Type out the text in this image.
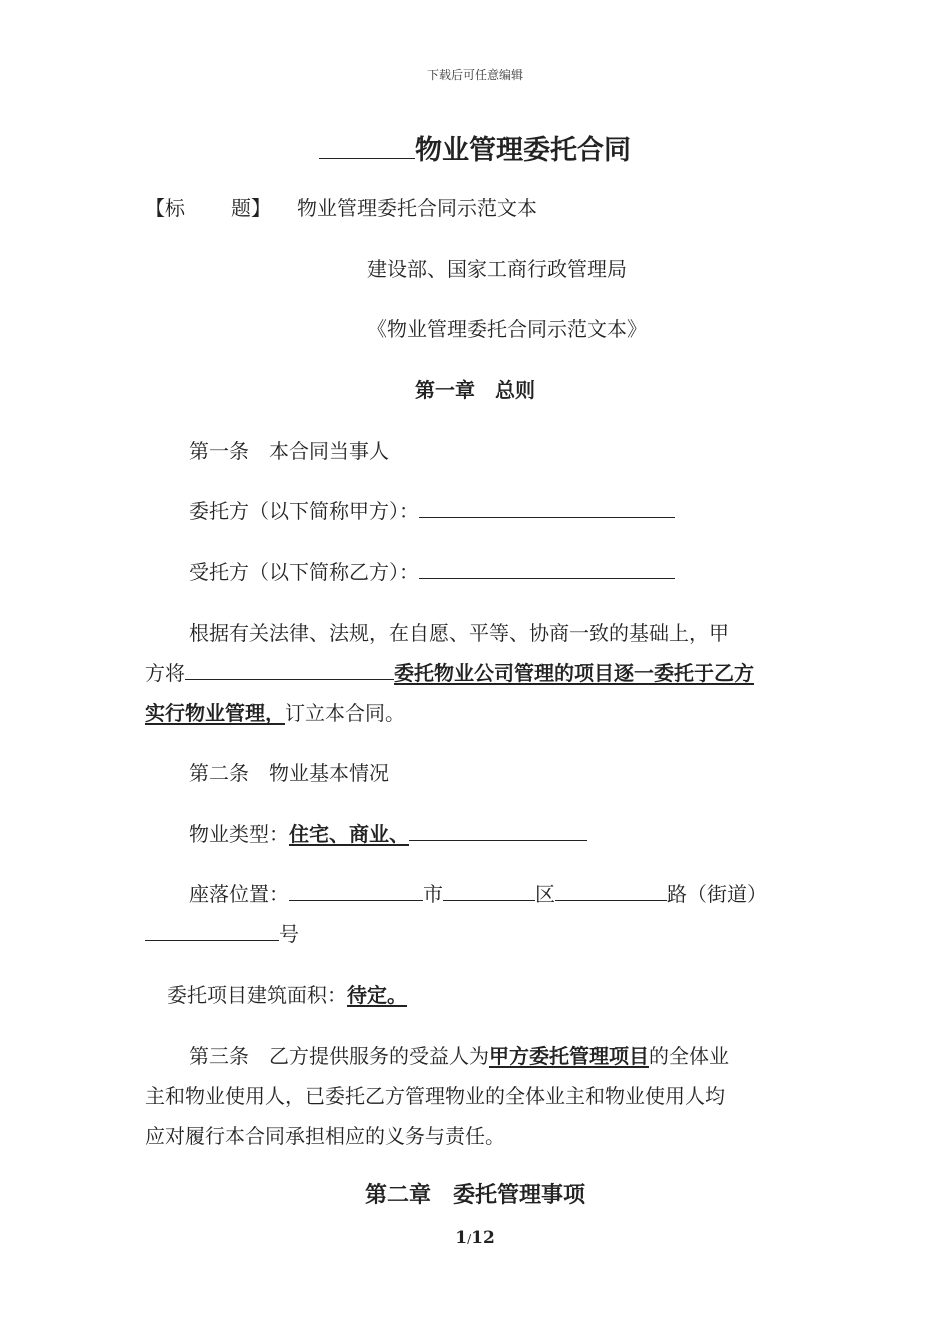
下载后可任意编辑
物业管理委托合同
【标 题】 物业管理委托合同示范文本
建设部、国家工商行政管理局
《物业管理委托合同示范文本》
第一章　总则
第一条　本合同当事人
委托方（以下简称甲方）：
受托方（以下简称乙方）：
根据有关法律、法规，在自愿、平等、协商一致的基础上，甲
方将	委托物业公司管理的项目逐一委托于乙方
实行物业管理，订立本合同。
第二条　物业基本情况
物业类型：住宅、商业、
座落位置：	市	区	路（街道）
号
委托项目建筑面积：待定。
第三条　乙方提供服务的受益人为甲方委托管理项目的全体业
主和物业使用人，已委托乙方管理物业的全体业主和物业使用人均
应对履行本合同承担相应的义务与责任。
第二章　委托管理事项
1/12
